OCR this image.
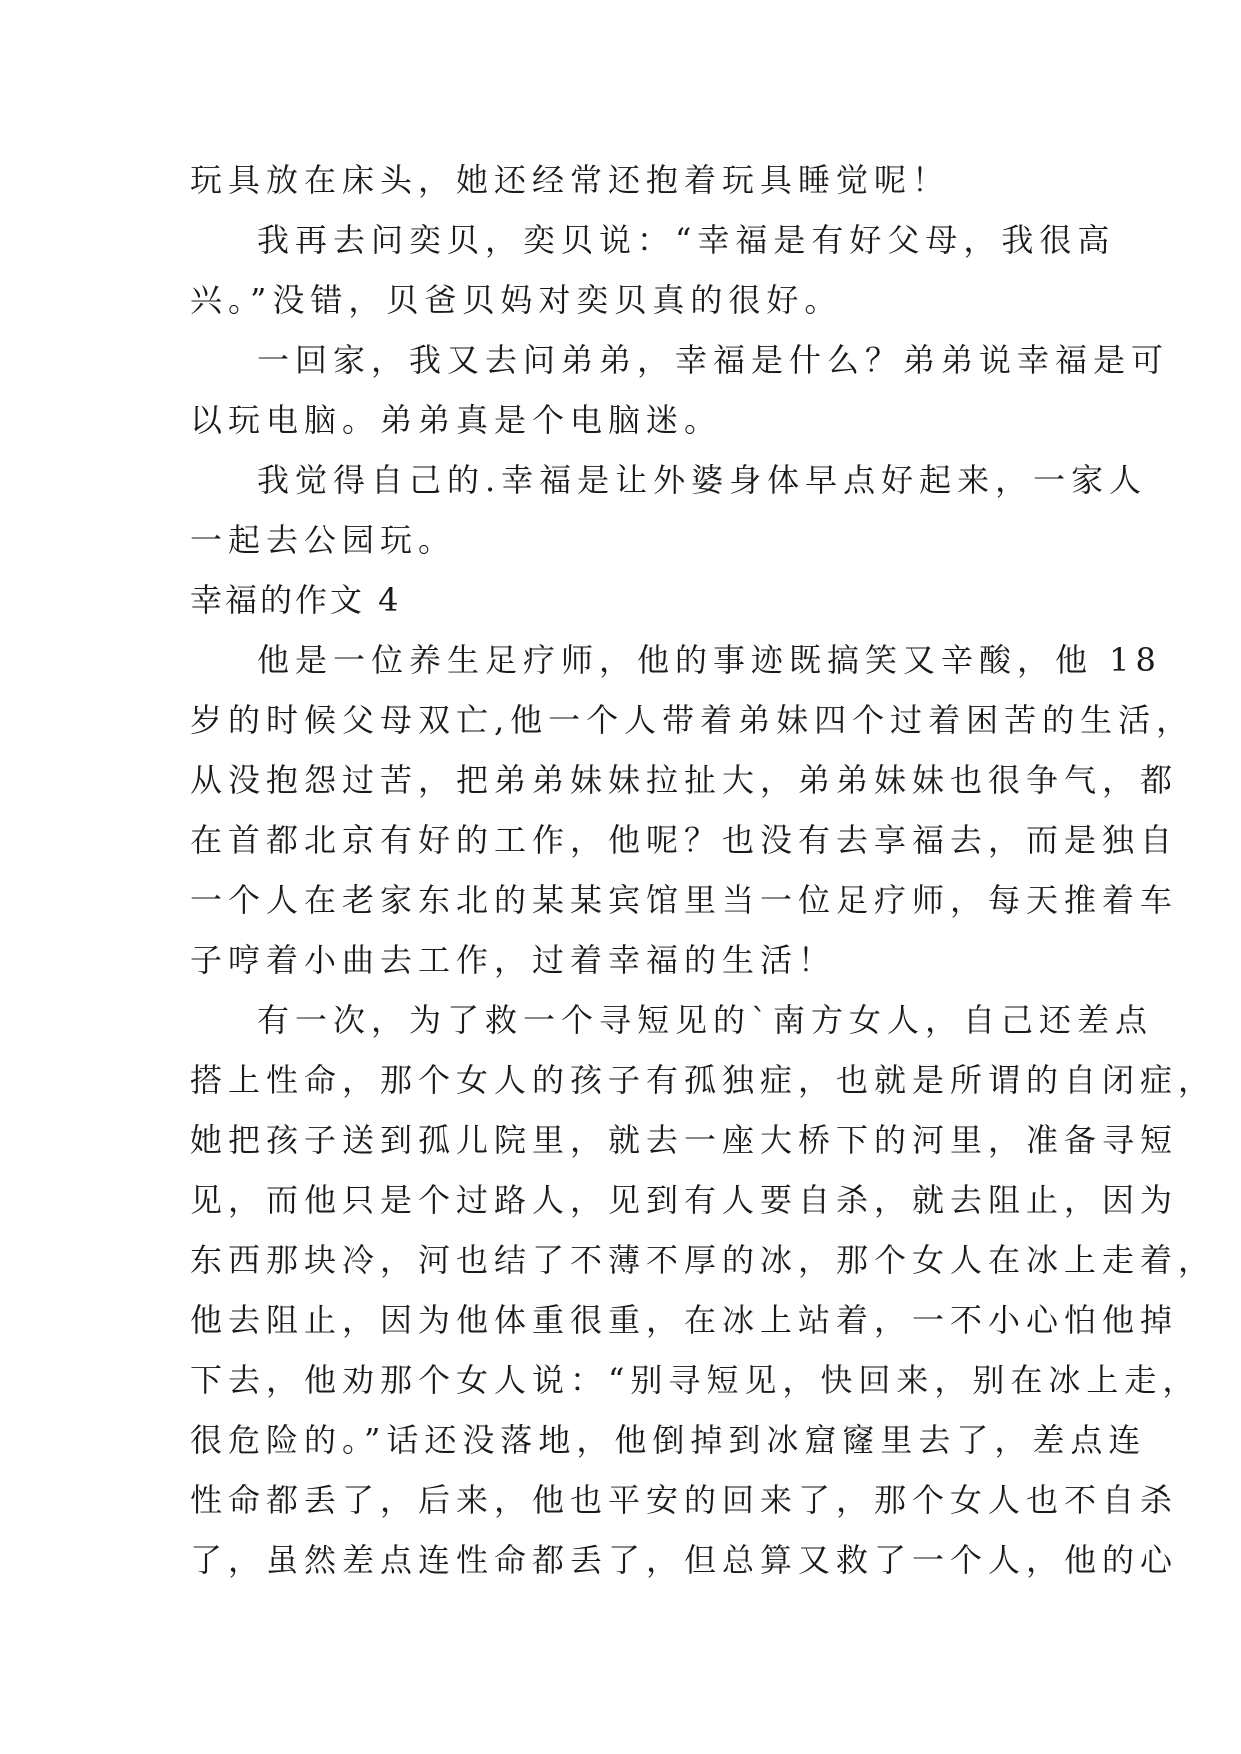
玩具放在床头，她还经常还抱着玩具睡觉呢！
我再去问奕贝，奕贝说：“幸福是有好父母，我很高
兴。”没错，贝爸贝妈对奕贝真的很好。
一回家，我又去问弟弟，幸福是什么？弟弟说幸福是可
以玩电脑。弟弟真是个电脑迷。
我觉得自己的.幸福是让外婆身体早点好起来，一家人
一起去公园玩。
幸福的作文 4
他是一位养生足疗师，他的事迹既搞笑又辛酸，他 18
岁的时候父母双亡,他一个人带着弟妹四个过着困苦的生活，
从没抱怨过苦，把弟弟妹妹拉扯大，弟弟妹妹也很争气，都
在首都北京有好的工作，他呢？也没有去享福去，而是独自
一个人在老家东北的某某宾馆里当一位足疗师，每天推着车
子哼着小曲去工作，过着幸福的生活！
有一次，为了救一个寻短见的`南方女人，自己还差点
搭上性命，那个女人的孩子有孤独症，也就是所谓的自闭症，
她把孩子送到孤儿院里，就去一座大桥下的河里，准备寻短
见，而他只是个过路人，见到有人要自杀，就去阻止，因为
东西那块冷，河也结了不薄不厚的冰，那个女人在冰上走着，
他去阻止，因为他体重很重，在冰上站着，一不小心怕他掉
下去，他劝那个女人说：“别寻短见，快回来，别在冰上走，
很危险的。”话还没落地，他倒掉到冰窟窿里去了，差点连
性命都丢了，后来，他也平安的回来了，那个女人也不自杀
了，虽然差点连性命都丢了，但总算又救了一个人，他的心
